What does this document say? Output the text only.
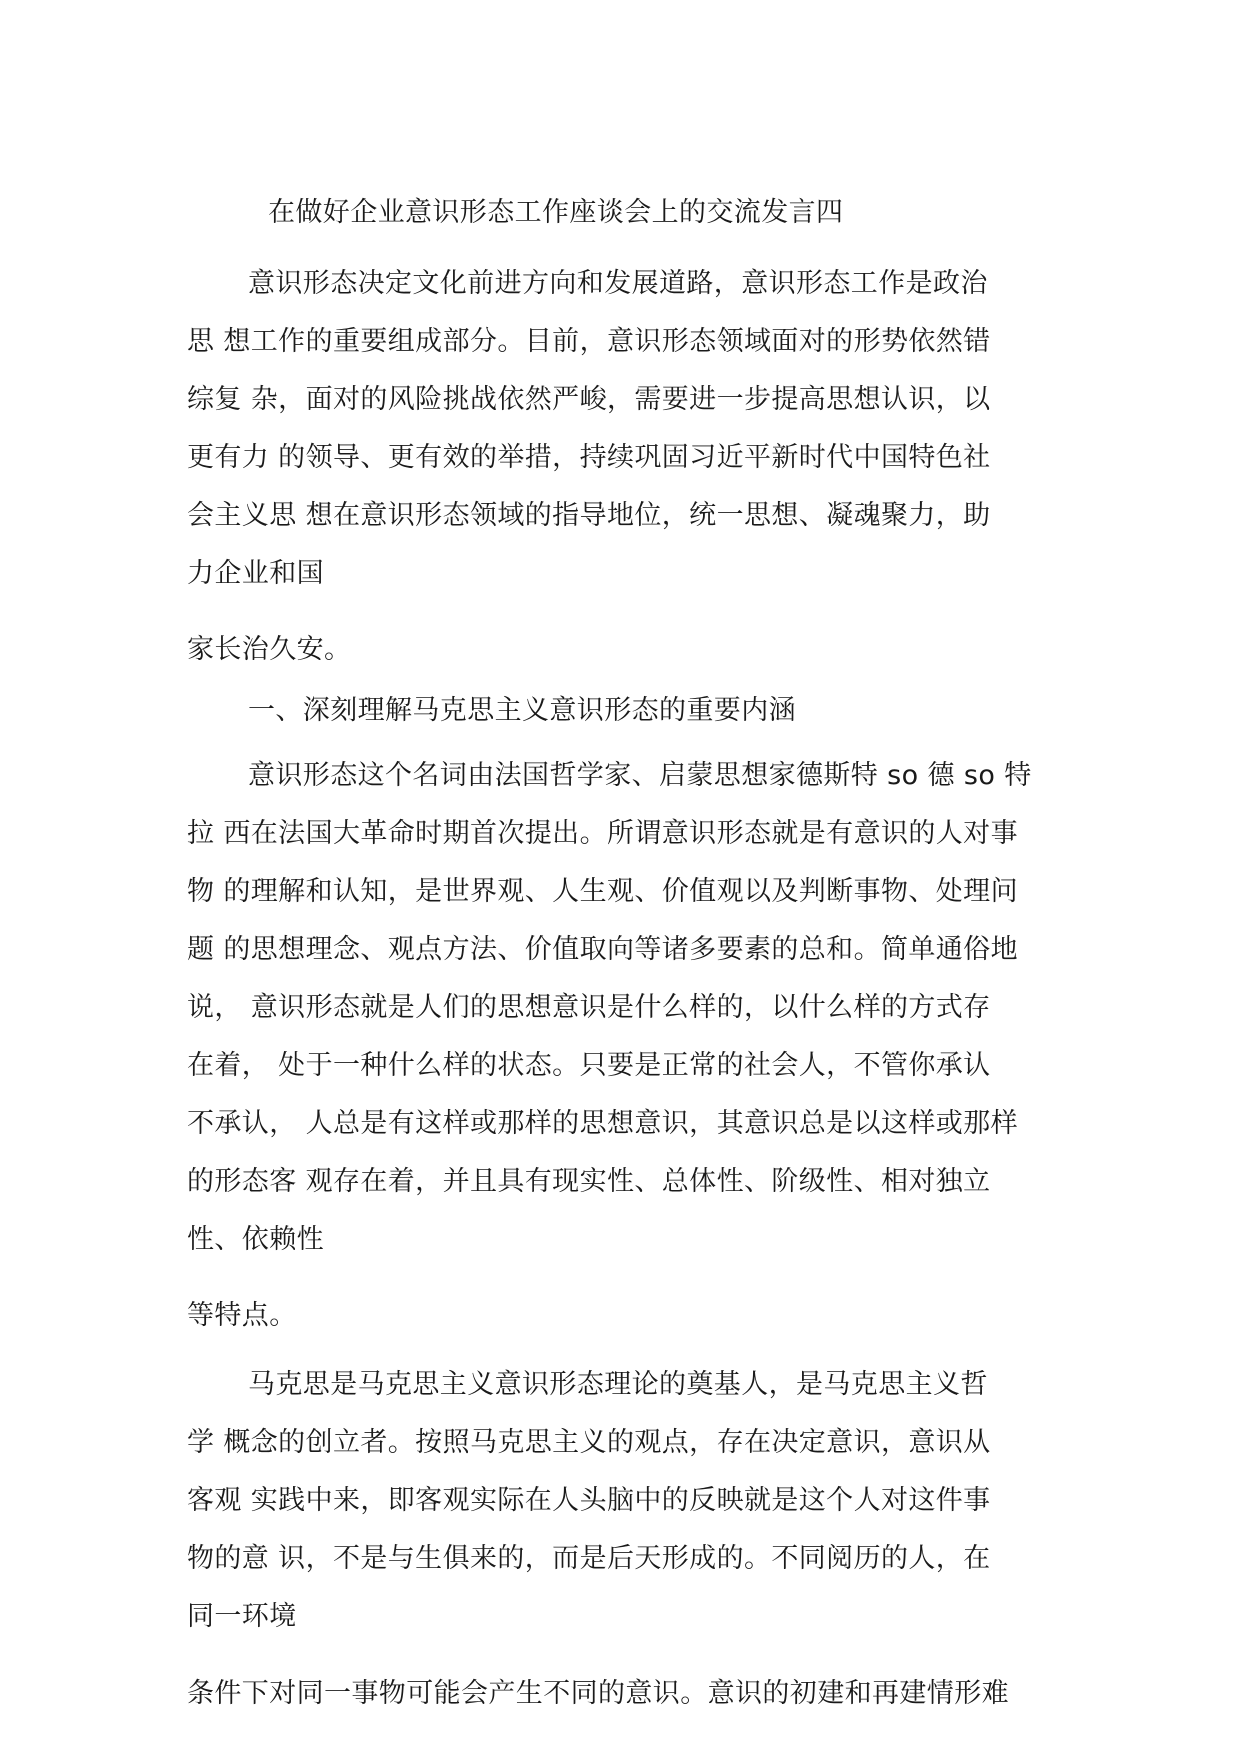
在做好企业意识形态工作座谈会上的交流发言四
意识形态决定文化前进方向和发展道路，意识形态工作是政治
思 想工作的重要组成部分。目前，意识形态领域面对的形势依然错
综复 杂，面对的风险挑战依然严峻，需要进一步提高思想认识，以
更有力 的领导、更有效的举措，持续巩固习近平新时代中国特色社
会主义思 想在意识形态领域的指导地位，统一思想、凝魂聚力，助
力企业和国
家长治久安。
一、深刻理解马克思主义意识形态的重要内涵
意识形态这个名词由法国哲学家、启蒙思想家德斯特 so 德 so 特
拉 西在法国大革命时期首次提出。所谓意识形态就是有意识的人对事
物 的理解和认知，是世界观、人生观、价值观以及判断事物、处理问
题 的思想理念、观点方法、价值取向等诸多要素的总和。简单通俗地
说， 意识形态就是人们的思想意识是什么样的，以什么样的方式存
在着， 处于一种什么样的状态。只要是正常的社会人，不管你承认
不承认， 人总是有这样或那样的思想意识，其意识总是以这样或那样
的形态客 观存在着，并且具有现实性、总体性、阶级性、相对独立
性、依赖性
等特点。
马克思是马克思主义意识形态理论的奠基人，是马克思主义哲
学 概念的创立者。按照马克思主义的观点，存在决定意识，意识从
客观 实践中来，即客观实际在人头脑中的反映就是这个人对这件事
物的意 识，不是与生俱来的，而是后天形成的。不同阅历的人，在
同一环境
条件下对同一事物可能会产生不同的意识。意识的初建和再建情形难
